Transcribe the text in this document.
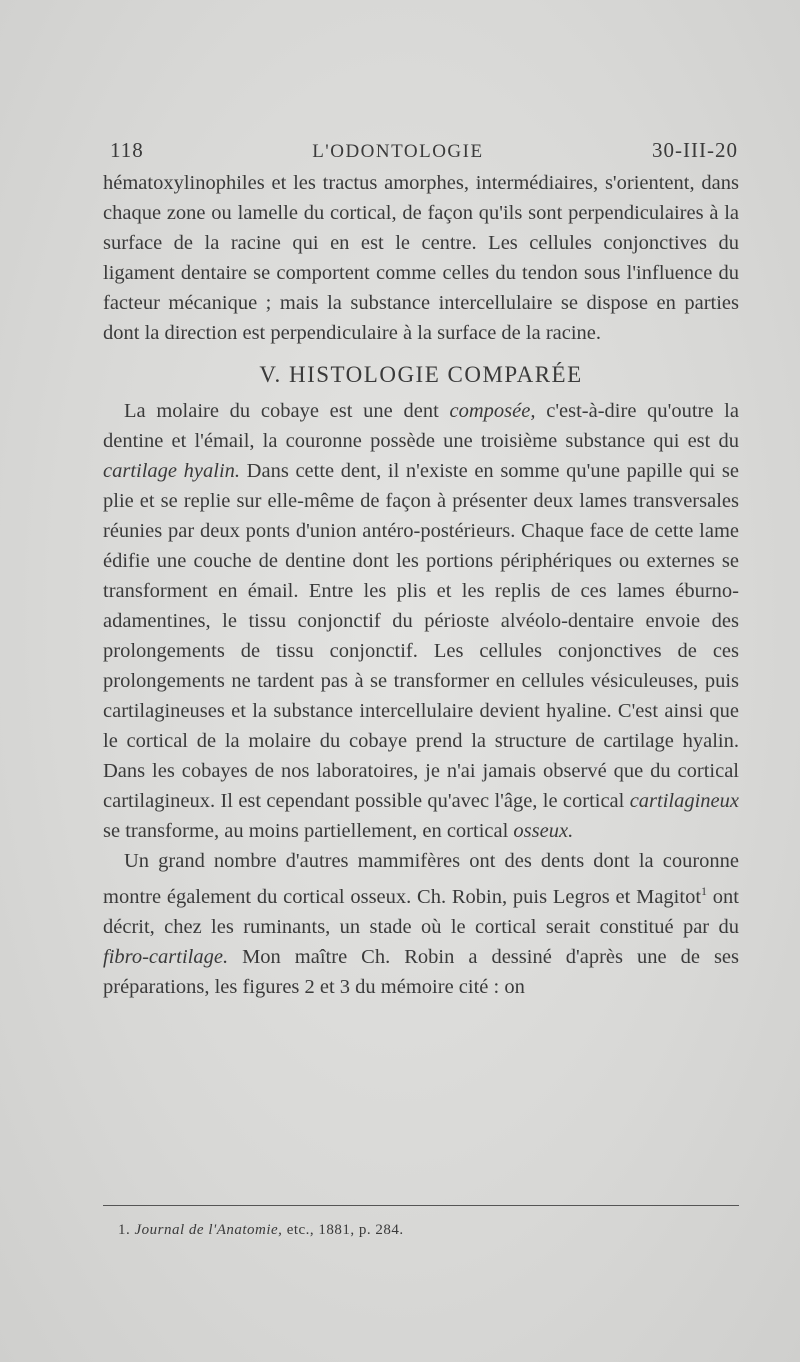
118	L'ODONTOLOGIE	30-III-20

hématoxylinophiles et les tractus amorphes, intermédiaires, s'orientent, dans chaque zone ou lamelle du cortical, de façon qu'ils sont perpendiculaires à la surface de la racine qui en est le centre. Les cellules conjonctives du ligament dentaire se comportent comme celles du tendon sous l'influence du facteur mécanique ; mais la substance intercellulaire se dispose en parties dont la direction est perpendiculaire à la surface de la racine.

V. HISTOLOGIE COMPARÉE

La molaire du cobaye est une dent composée, c'est-à-dire qu'outre la dentine et l'émail, la couronne possède une troisième substance qui est du cartilage hyalin. Dans cette dent, il n'existe en somme qu'une papille qui se plie et se replie sur elle-même de façon à présenter deux lames transversales réunies par deux ponts d'union antéro-postérieurs. Chaque face de cette lame édifie une couche de dentine dont les portions périphériques ou externes se transforment en émail. Entre les plis et les replis de ces lames éburno-adamentines, le tissu conjonctif du périoste alvéolo-dentaire envoie des prolongements de tissu conjonctif. Les cellules conjonctives de ces prolongements ne tardent pas à se transformer en cellules vésiculeuses, puis cartilagineuses et la substance intercellulaire devient hyaline. C'est ainsi que le cortical de la molaire du cobaye prend la structure de cartilage hyalin. Dans les cobayes de nos laboratoires, je n'ai jamais observé que du cortical cartilagineux. Il est cependant possible qu'avec l'âge, le cortical cartilagineux se transforme, au moins partiellement, en cortical osseux.

Un grand nombre d'autres mammifères ont des dents dont la couronne montre également du cortical osseux. Ch. Robin, puis Legros et Magitot$^1$ ont décrit, chez les ruminants, un stade où le cortical serait constitué par du fibro-cartilage. Mon maître Ch. Robin a dessiné d'après une de ses préparations, les figures 2 et 3 du mémoire cité : on

1. Journal de l'Anatomie, etc., 1881, p. 284.
